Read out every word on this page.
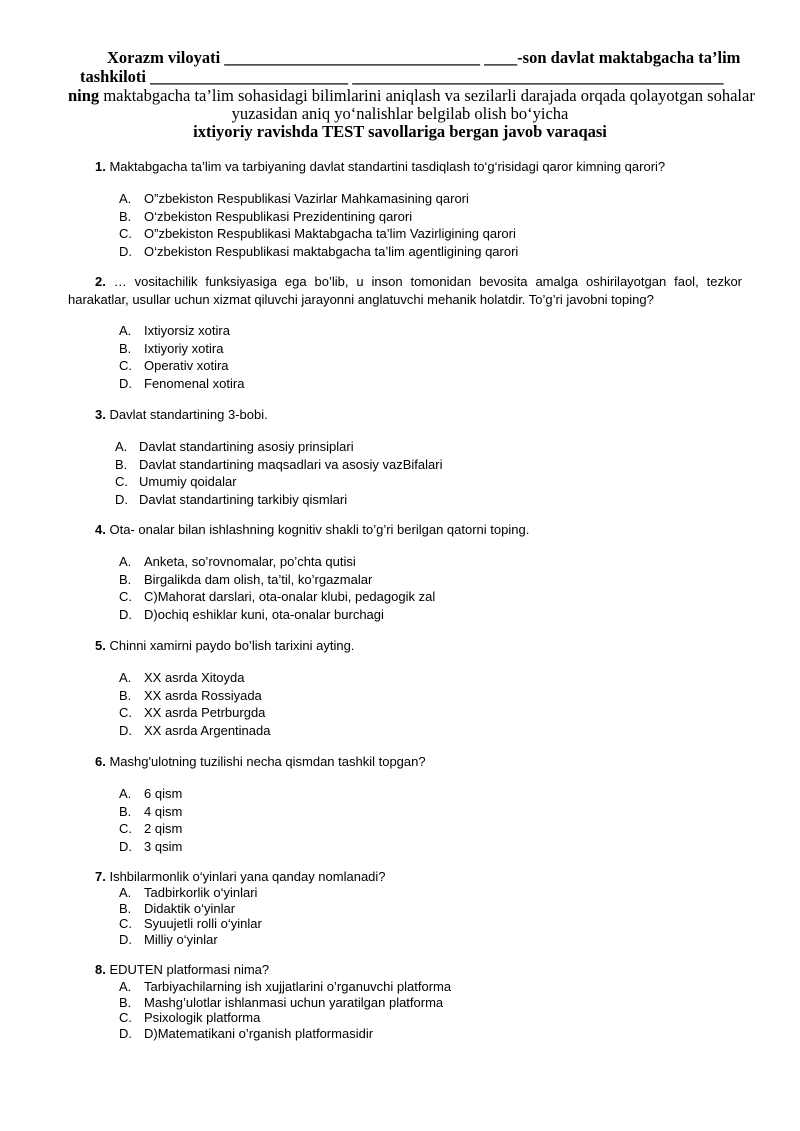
Xorazm viloyati _______________________________ ____-son davlat maktabgacha ta’lim
tashkiloti ________________________ _____________________________________________
ning maktabgacha ta’lim sohasidagi bilimlarini aniqlash va sezilarli darajada orqada qolayotgan sohalar
yuzasidan aniq yo‘nalishlar belgilab olish bo‘yicha
ixtiyoriy ravishda TEST savollariga bergan javob varaqasi
1. Maktabgacha ta’lim va tarbiyaning davlat standartini tasdiqlash to‘g‘risidagi qaror kimning qarori?
A. O”zbekiston Respublikasi Vazirlar Mahkamasining qarori
B. O‘zbekiston Respublikasi Prezidentining qarori
C. O”zbekiston Respublikasi Maktabgacha ta’lim Vazirligining qarori
D. O‘zbekiston Respublikasi maktabgacha ta’lim agentligining qarori
2. … vositachilik funksiyasiga ega bo’lib, u inson tomonidan bevosita amalga oshirilayotgan faol, tezkor harakatlar, usullar uchun xizmat qiluvchi jarayonni anglatuvchi mehanik holatdir. To’g’ri javobni toping?
A. Ixtiyorsiz xotira
B. Ixtiyoriy xotira
C. Operativ xotira
D. Fenomenal xotira
3. Davlat standartining 3-bobi.
A. Davlat standartining asosiy prinsiplari
B. Davlat standartining maqsadlari va asosiy vazBifalari
C. Umumiy qoidalar
D. Davlat standartining tarkibiy qismlari
4. Ota- onalar bilan ishlashning kognitiv shakli to’g’ri berilgan qatorni toping.
A. Anketa, so’rovnomalar, po’chta qutisi
B. Birgalikda dam olish, ta’til, ko’rgazmalar
C. C)Mahorat darslari, ota-onalar klubi, pedagogik zal
D. D)ochiq eshiklar kuni, ota-onalar burchagi
5. Chinni xamirni paydo bo’lish tarixini ayting.
A. XX asrda Xitoyda
B. XX asrda Rossiyada
C. XX asrda Petrburgda
D. XX asrda Argentinada
6. Mashg'ulotning tuzilishi necha qismdan tashkil topgan?
A. 6 qism
B. 4 qism
C. 2 qism
D. 3 qsim
7. Ishbilarmonlik o‘yinlari yana qanday nomlanadi?
A. Tadbirkorlik o‘yinlari
B. Didaktik o‘yinlar
C. Syuujetli rolli o‘yinlar
D. Milliy o‘yinlar
8. EDUTEN platformasi nima?
A. Tarbiyachilarning ish xujjatlarini o’rganuvchi platforma
B. Mashg’ulotlar ishlanmasi uchun yaratilgan platforma
C. Psixologik platforma
D. D)Matematikani o’rganish platformasidir
